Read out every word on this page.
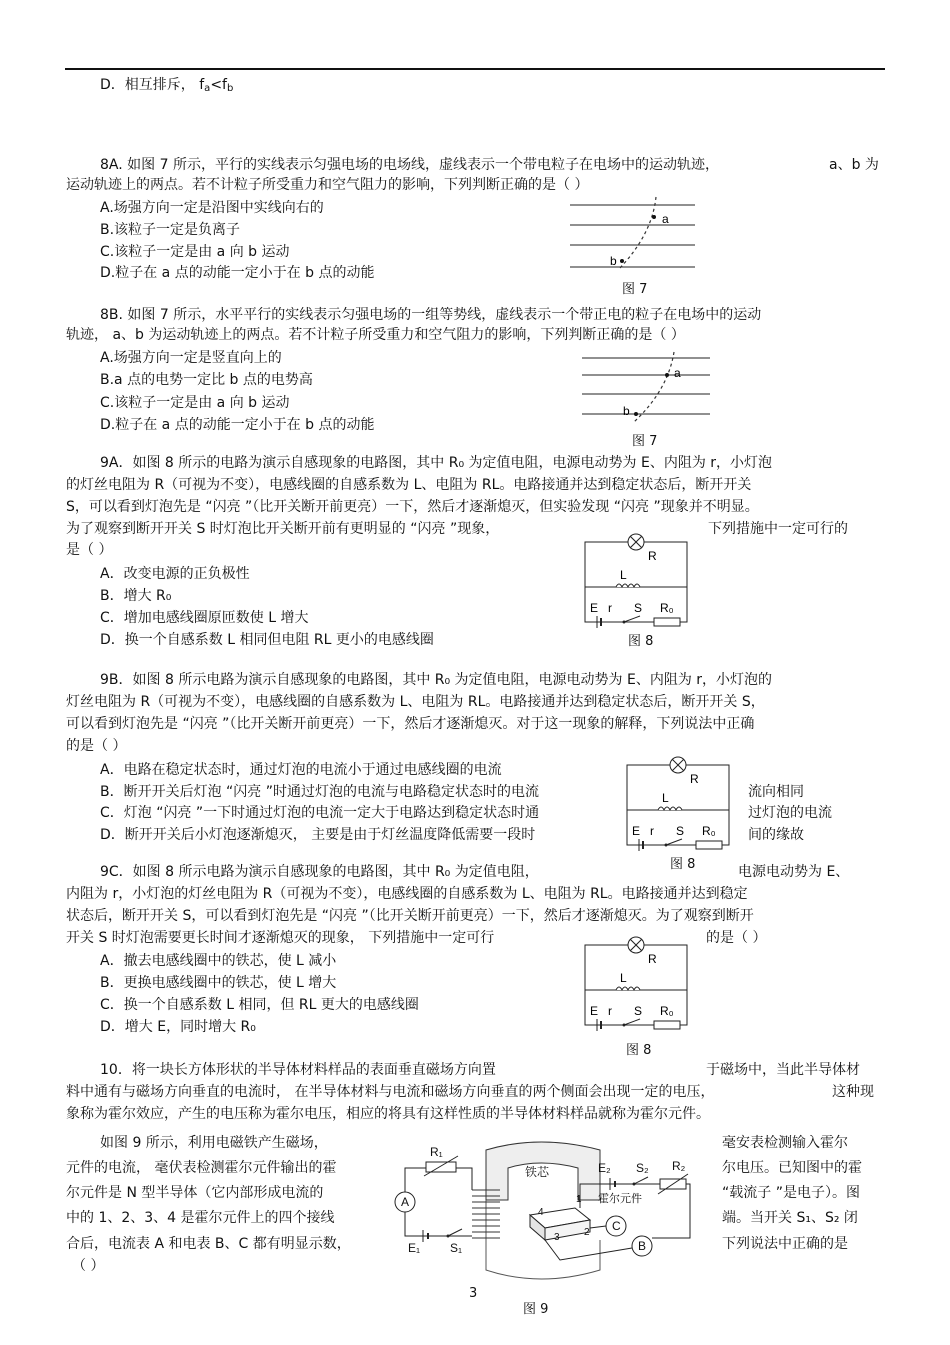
D．相互排斥， $f_a<f_b$
8A. 如图 7 所示，平行的实线表示匀强电场的电场线，虚线表示一个带电粒子在电场中的运动轨迹，	a、b 为
运动轨迹上的两点。若不计粒子所受重力和空气阻力的影响，下列判断正确的是（ ）
A.场强方向一定是沿图中实线向右的
B.该粒子一定是负离子
C.该粒子一定是由 a 向 b 运动
D.粒子在 a 点的动能一定小于在 b 点的动能
a
b
图 7
8B. 如图 7 所示，水平平行的实线表示匀强电场的一组等势线，虚线表示一个带正电的粒子在电场中的运动
轨迹， a、b 为运动轨迹上的两点。若不计粒子所受重力和空气阻力的影响，下列判断正确的是（ ）
A.场强方向一定是竖直向上的
B.a 点的电势一定比 b 点的电势高
C.该粒子一定是由 a 向 b 运动
D.粒子在 a 点的动能一定小于在 b 点的动能
a
b
图 7
9A．如图 8 所示的电路为演示自感现象的电路图，其中 R₀ 为定值电阻，电源电动势为 E、内阻为 r，小灯泡
的灯丝电阻为 R（可视为不变），电感线圈的自感系数为 L、电阻为 RL。电路接通并达到稳定状态后，断开开关
S，可以看到灯泡先是 “闪亮 ”（比开关断开前更亮）一下，然后才逐渐熄灭，但实验发现 “闪亮 ”现象并不明显。
为了观察到断开开关 S 时灯泡比开关断开前有更明显的 “闪亮 ”现象，	下列措施中一定可行的
是（ ）
A．改变电源的正负极性
B．增大 R₀
C．增加电感线圈原匝数使 L 增大
D．换一个自感系数 L 相同但电阻 RL 更小的电感线圈
R
L
E r S R₀
图 8
9B．如图 8 所示电路为演示自感现象的电路图，其中 R₀ 为定值电阻，电源电动势为 E、内阻为 r，小灯泡的
灯丝电阻为 R（可视为不变），电感线圈的自感系数为 L、电阻为 RL。电路接通并达到稳定状态后，断开开关 S，
可以看到灯泡先是 “闪亮 ”（比开关断开前更亮）一下，然后才逐渐熄灭。对于这一现象的解释，下列说法中正确
的是（ ）
A．电路在稳定状态时，通过灯泡的电流小于通过电感线圈的电流
B．断开开关后灯泡 “闪亮 ”时通过灯泡的电流与电路稳定状态时的电流
C．灯泡 “闪亮 ”一下时通过灯泡的电流一定大于电路达到稳定状态时通
D．断开开关后小灯泡逐渐熄灭， 主要是由于灯丝温度降低需要一段时
流向相同
过灯泡的电流
间的缘故
R
L
E r S R₀
图 8
9C．如图 8 所示电路为演示自感现象的电路图，其中 R₀ 为定值电阻，	电源电动势为 E、
内阻为 r，小灯泡的灯丝电阻为 R（可视为不变），电感线圈的自感系数为 L、电阻为 RL。电路接通并达到稳定
状态后，断开开关 S，可以看到灯泡先是 “闪亮 ”（比开关断开前更亮）一下，然后才逐渐熄灭。为了观察到断开
开关 S 时灯泡需要更长时间才逐渐熄灭的现象， 下列措施中一定可行	的是（ ）
A．撤去电感线圈中的铁芯，使 L 减小
B．更换电感线圈中的铁芯，使 L 增大
C．换一个自感系数 L 相同，但 RL 更大的电感线圈
D．增大 E，同时增大 R₀
R
L
E r S R₀
图 8
10．将一块长方体形状的半导体材料样品的表面垂直磁场方向置	于磁场中，当此半导体材
料中通有与磁场方向垂直的电流时， 在半导体材料与电流和磁场方向垂直的两个侧面会出现一定的电压，	这种现
象称为霍尔效应，产生的电压称为霍尔电压，相应的将具有这样性质的半导体材料样品就称为霍尔元件。
如图 9 所示，利用电磁铁产生磁场，
元件的电流， 毫伏表检测霍尔元件输出的霍
尔元件是 N 型半导体（它内部形成电流的
中的 1、2、3、4 是霍尔元件上的四个接线
合后，电流表 A 和电表 B、C 都有明显示数，
（ ）
毫安表检测输入霍尔
尔电压。已知图中的霍
“载流子 ”是电子）。图
端。当开关 S₁、S₂ 闭
下列说法中正确的是
铁芯
R₁
A
E₁ S₁
1
2
3
4
霍尔元件
E₂ S₂ R₂
C
B
图 9
3
